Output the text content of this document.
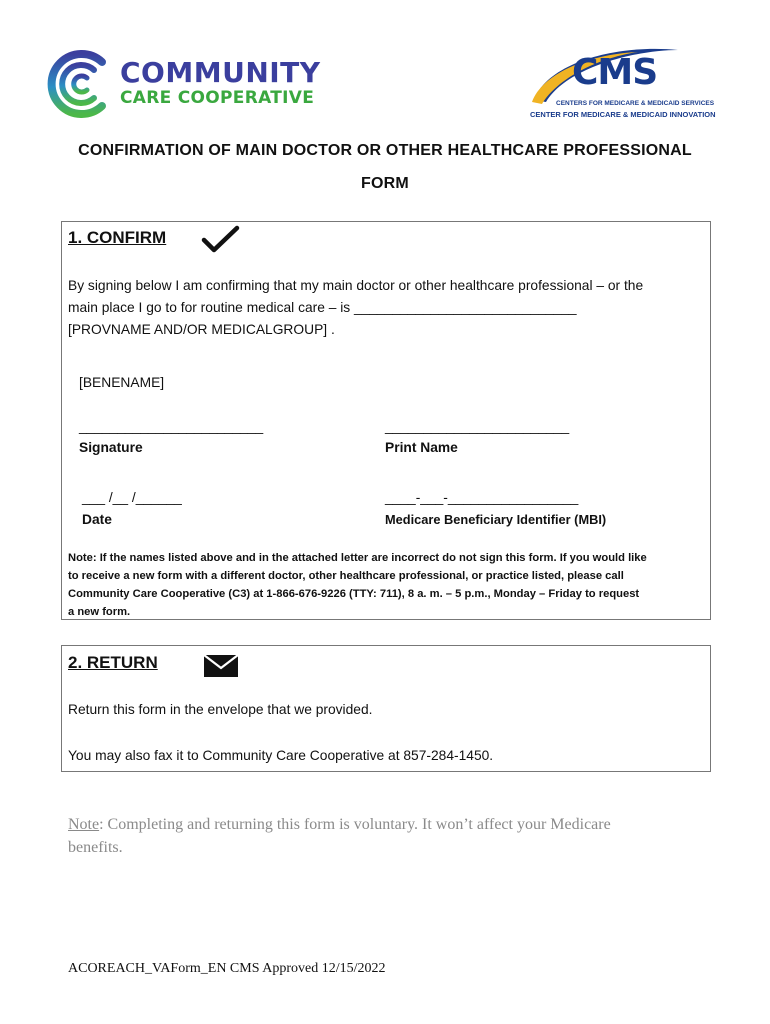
COMMUNITY
CARE COOPERATIVE
CMS
CENTERS FOR MEDICARE & MEDICAID SERVICES
CENTER FOR MEDICARE & MEDICAID INNOVATION
CONFIRMATION OF MAIN DOCTOR OR OTHER HEALTHCARE PROFESSIONAL
FORM
1. CONFIRM
By signing below I am confirming that my main doctor or other healthcare professional – or the
main place I go to for routine medical care – is _____________________________
[PROVNAME AND/OR MEDICALGROUP] .
[BENENAME]
________________________
Signature
________________________
Print Name
___ /__ /______
Date
____-___-_________________
Medicare Beneficiary Identifier (MBI)
Note: If the names listed above and in the attached letter are incorrect do not sign this form. If you would like
to receive a new form with a different doctor, other healthcare professional, or practice listed, please call
Community Care Cooperative (C3) at 1-866-676-9226 (TTY: 711), 8 a. m. – 5 p.m., Monday – Friday to request
a new form.
2. RETURN
Return this form in the envelope that we provided.
You may also fax it to Community Care Cooperative at 857-284-1450.
Note: Completing and returning this form is voluntary. It won’t affect your Medicare
benefits.
ACOREACH_VAForm_EN CMS Approved 12/15/2022
